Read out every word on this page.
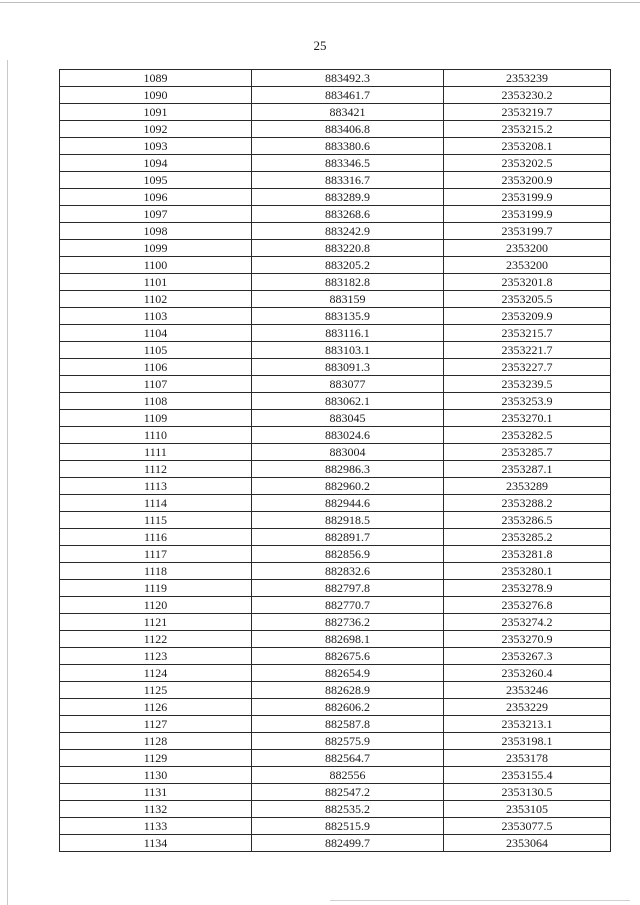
25
1089	883492.3	2353239
1090	883461.7	2353230.2
1091	883421	2353219.7
1092	883406.8	2353215.2
1093	883380.6	2353208.1
1094	883346.5	2353202.5
1095	883316.7	2353200.9
1096	883289.9	2353199.9
1097	883268.6	2353199.9
1098	883242.9	2353199.7
1099	883220.8	2353200
1100	883205.2	2353200
1101	883182.8	2353201.8
1102	883159	2353205.5
1103	883135.9	2353209.9
1104	883116.1	2353215.7
1105	883103.1	2353221.7
1106	883091.3	2353227.7
1107	883077	2353239.5
1108	883062.1	2353253.9
1109	883045	2353270.1
1110	883024.6	2353282.5
1111	883004	2353285.7
1112	882986.3	2353287.1
1113	882960.2	2353289
1114	882944.6	2353288.2
1115	882918.5	2353286.5
1116	882891.7	2353285.2
1117	882856.9	2353281.8
1118	882832.6	2353280.1
1119	882797.8	2353278.9
1120	882770.7	2353276.8
1121	882736.2	2353274.2
1122	882698.1	2353270.9
1123	882675.6	2353267.3
1124	882654.9	2353260.4
1125	882628.9	2353246
1126	882606.2	2353229
1127	882587.8	2353213.1
1128	882575.9	2353198.1
1129	882564.7	2353178
1130	882556	2353155.4
1131	882547.2	2353130.5
1132	882535.2	2353105
1133	882515.9	2353077.5
1134	882499.7	2353064
